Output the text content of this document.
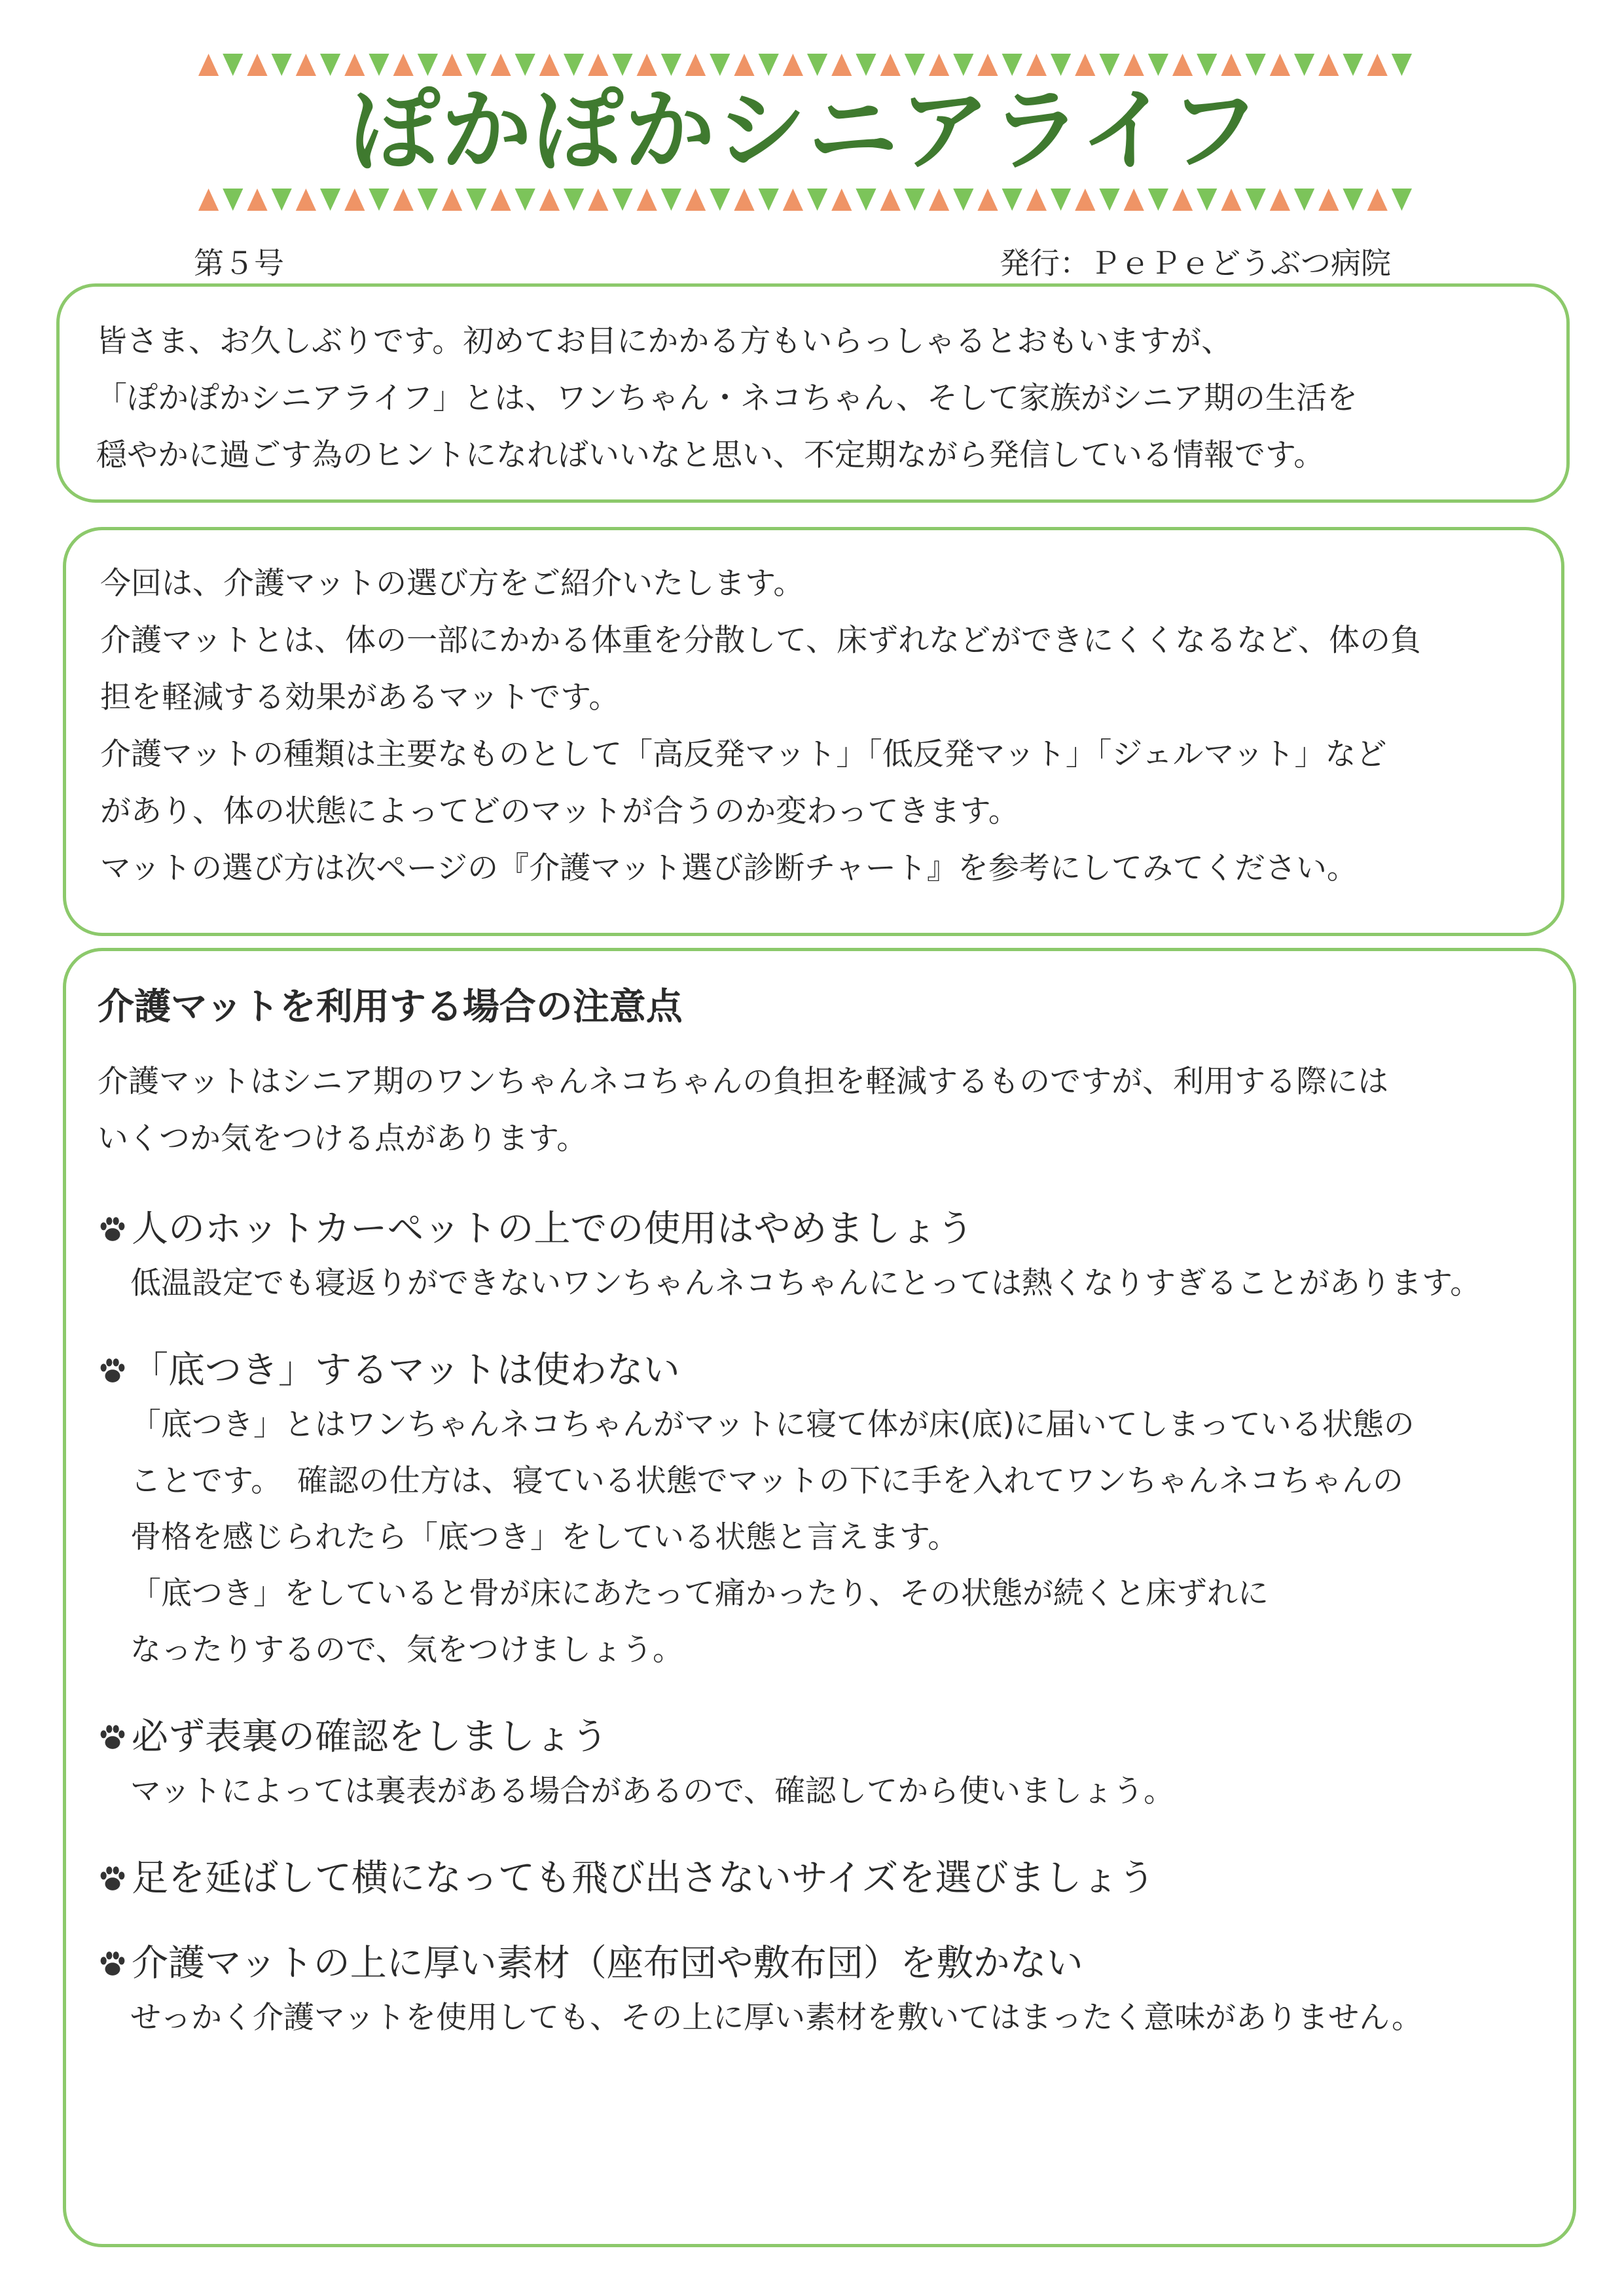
ぽかぽかシニアライフ
第５号	発行：ＰｅＰｅどうぶつ病院
皆さま、お久しぶりです。初めてお目にかかる方もいらっしゃるとおもいますが、
「ぽかぽかシニアライフ」とは、ワンちゃん・ネコちゃん、そして家族がシニア期の生活を
穏やかに過ごす為のヒントになればいいなと思い、不定期ながら発信している情報です。
今回は、介護マットの選び方をご紹介いたします。
介護マットとは、体の一部にかかる体重を分散して、床ずれなどができにくくなるなど、体の負
担を軽減する効果があるマットです。
介護マットの種類は主要なものとして「高反発マット」「低反発マット」「ジェルマット」など
があり、体の状態によってどのマットが合うのか変わってきます。
マットの選び方は次ページの『介護マット選び診断チャート』を参考にしてみてください。
介護マットを利用する場合の注意点
介護マットはシニア期のワンちゃんネコちゃんの負担を軽減するものですが、利用する際には
いくつか気をつける点があります。
人のホットカーペットの上での使用はやめましょう
低温設定でも寝返りができないワンちゃんネコちゃんにとっては熱くなりすぎることがあります。
「底つき」するマットは使わない
「底つき」とはワンちゃんネコちゃんがマットに寝て体が床(底)に届いてしまっている状態の
ことです。　確認の仕方は、寝ている状態でマットの下に手を入れてワンちゃんネコちゃんの
骨格を感じられたら「底つき」をしている状態と言えます。
「底つき」をしていると骨が床にあたって痛かったり、その状態が続くと床ずれに
なったりするので、気をつけましょう。
必ず表裏の確認をしましょう
マットによっては裏表がある場合があるので、確認してから使いましょう。
足を延ばして横になっても飛び出さないサイズを選びましょう
介護マットの上に厚い素材（座布団や敷布団）を敷かない
せっかく介護マットを使用しても、その上に厚い素材を敷いてはまったく意味がありません。
